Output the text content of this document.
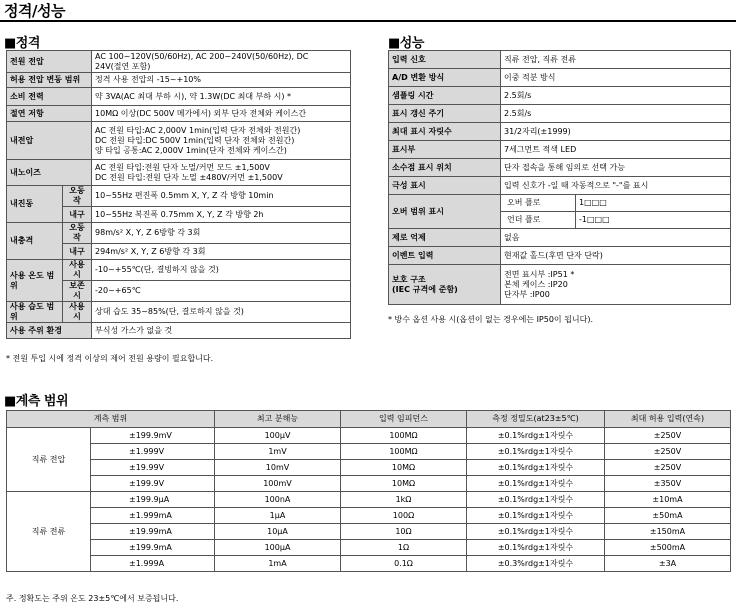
정격/성능
■정격
전원 전압		AC 100~120V(50/60Hz), AC 200~240V(50/60Hz), DC
24V(절연 포함)
허용 전압 변동 범위		정격 사용 전압의 -15~+10%
소비 전력		약 3VA(AC 최대 부하 시), 약 1.3W(DC 최대 부하 시) *
절연 저항		10MΩ 이상(DC 500V 메가에서) 외부 단자 전체와 케이스간
내전압		AC 전원 타입:AC 2,000V 1min(입력 단자 전체와 전원간)
DC 전원 타입:DC 500V 1min(입력 단자 전체와 전원간)
양 타입 공통:AC 2,000V 1min(단자 전체와 케이스간)
내노이즈		AC 전원 타입:전원 단자 노멀/커먼 모드 ±1,500V
DC 전원 타입:전원 단자 노멀 ±480V/커먼 ±1,500V
내진동	오동작	10~55Hz 편진폭 0.5mm X, Y, Z 각 방향 10min
	내구	10~55Hz 복진폭 0.75mm X, Y, Z 각 방향 2h
내충격	오동작	98m/s² X, Y, Z 6방향 각 3회
	내구	294m/s² X, Y, Z 6방향 각 3회
사용 온도 범위	사용 시	-10~+55℃(단, 결빙하지 않을 것)
	보존 시	-20~+65℃
사용 습도 범위	사용 시	상대 습도 35~85%(단, 결로하지 않을 것)
사용 주위 환경		부식성 가스가 없을 것
* 전원 투입 시에 정격 이상의 제어 전원 용량이 필요합니다.
■성능
입력 신호	직류 전압, 직류 전류	
A/D 변환 방식	이중 적분 방식	
샘플링 시간	2.5회/s	
표시 갱신 주기	2.5회/s	
최대 표시 자릿수	31/2자리(±1999)	
표시부	7세그먼트 적색 LED	
소수점 표시 위치	단자 접속을 통해 임의로 선택 가능	
극성 표시	입력 신호가 -일 때 자동적으로 "-"를 표시	
오버 범위 표시	오버 플로	1□□□
	언더 플로	-1□□□
제로 억제	없음	
이벤트 입력	현재값 홀드(후면 단자 단락)	
보호 구조
(IEC 규격에 준함)	전면 표시부 :IP51 *
본체 케이스 :IP20
단자부 :IP00	
* 방수 옵션 사용 시(옵션이 없는 경우에는 IP50이 됩니다).
■계측 범위
계측 범위		최고 분해능	입력 임피던스	측정 정밀도(at23±5℃)	최대 허용 입력(연속)
직류 전압	±199.9mV	100μV	100MΩ	±0.1%rdg±1자릿수	±250V
	±1.999V	1mV	100MΩ	±0.1%rdg±1자릿수	±250V
	±19.99V	10mV	10MΩ	±0.1%rdg±1자릿수	±250V
	±199.9V	100mV	10MΩ	±0.1%rdg±1자릿수	±350V
직류 전류	±199.9μA	100nA	1kΩ	±0.1%rdg±1자릿수	±10mA
	±1.999mA	1μA	100Ω	±0.1%rdg±1자릿수	±50mA
	±19.99mA	10μA	10Ω	±0.1%rdg±1자릿수	±150mA
	±199.9mA	100μA	1Ω	±0.1%rdg±1자릿수	±500mA
	±1.999A	1mA	0.1Ω	±0.3%rdg±1자릿수	±3A
주. 정확도는 주위 온도 23±5℃에서 보증됩니다.
